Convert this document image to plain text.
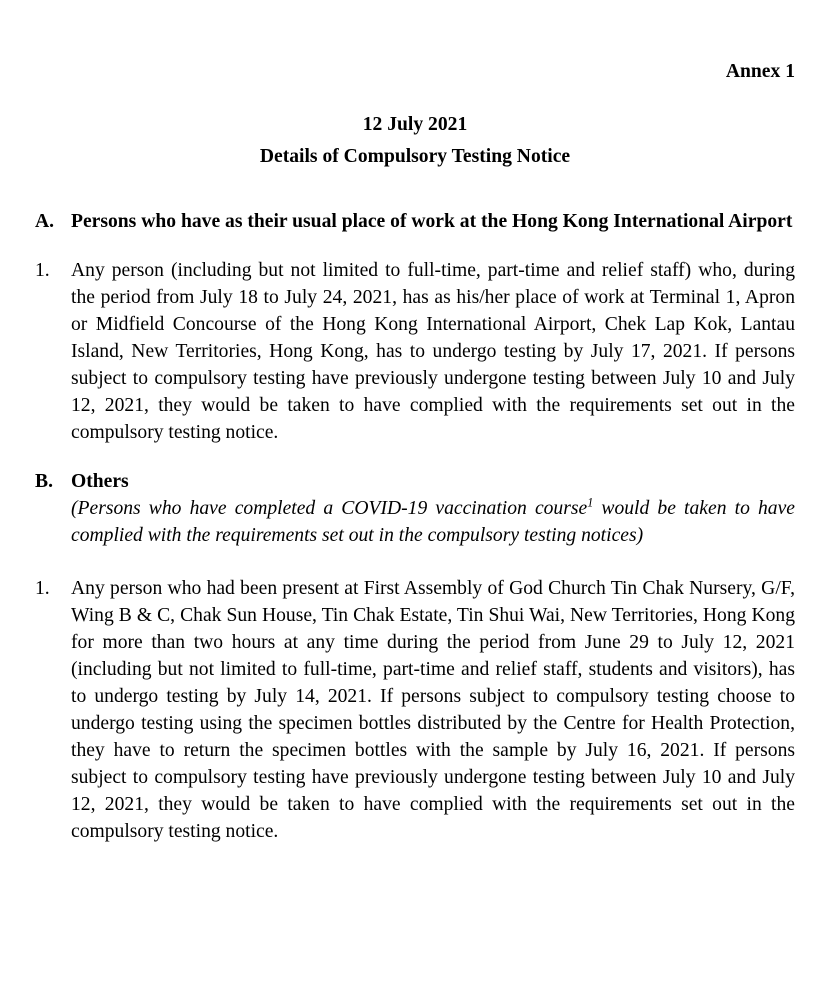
Annex 1
12 July 2021
Details of Compulsory Testing Notice
A. Persons who have as their usual place of work at the Hong Kong International Airport
1. Any person (including but not limited to full-time, part-time and relief staff) who, during the period from July 18 to July 24, 2021, has as his/her place of work at Terminal 1, Apron or Midfield Concourse of the Hong Kong International Airport, Chek Lap Kok, Lantau Island, New Territories, Hong Kong, has to undergo testing by July 17, 2021. If persons subject to compulsory testing have previously undergone testing between July 10 and July 12, 2021, they would be taken to have complied with the requirements set out in the compulsory testing notice.
B. Others
(Persons who have completed a COVID-19 vaccination course$^1$ would be taken to have complied with the requirements set out in the compulsory testing notices)
1. Any person who had been present at First Assembly of God Church Tin Chak Nursery, G/F, Wing B & C, Chak Sun House, Tin Chak Estate, Tin Shui Wai, New Territories, Hong Kong for more than two hours at any time during the period from June 29 to July 12, 2021 (including but not limited to full-time, part-time and relief staff, students and visitors), has to undergo testing by July 14, 2021. If persons subject to compulsory testing choose to undergo testing using the specimen bottles distributed by the Centre for Health Protection, they have to return the specimen bottles with the sample by July 16, 2021. If persons subject to compulsory testing have previously undergone testing between July 10 and July 12, 2021, they would be taken to have complied with the requirements set out in the compulsory testing notice.
